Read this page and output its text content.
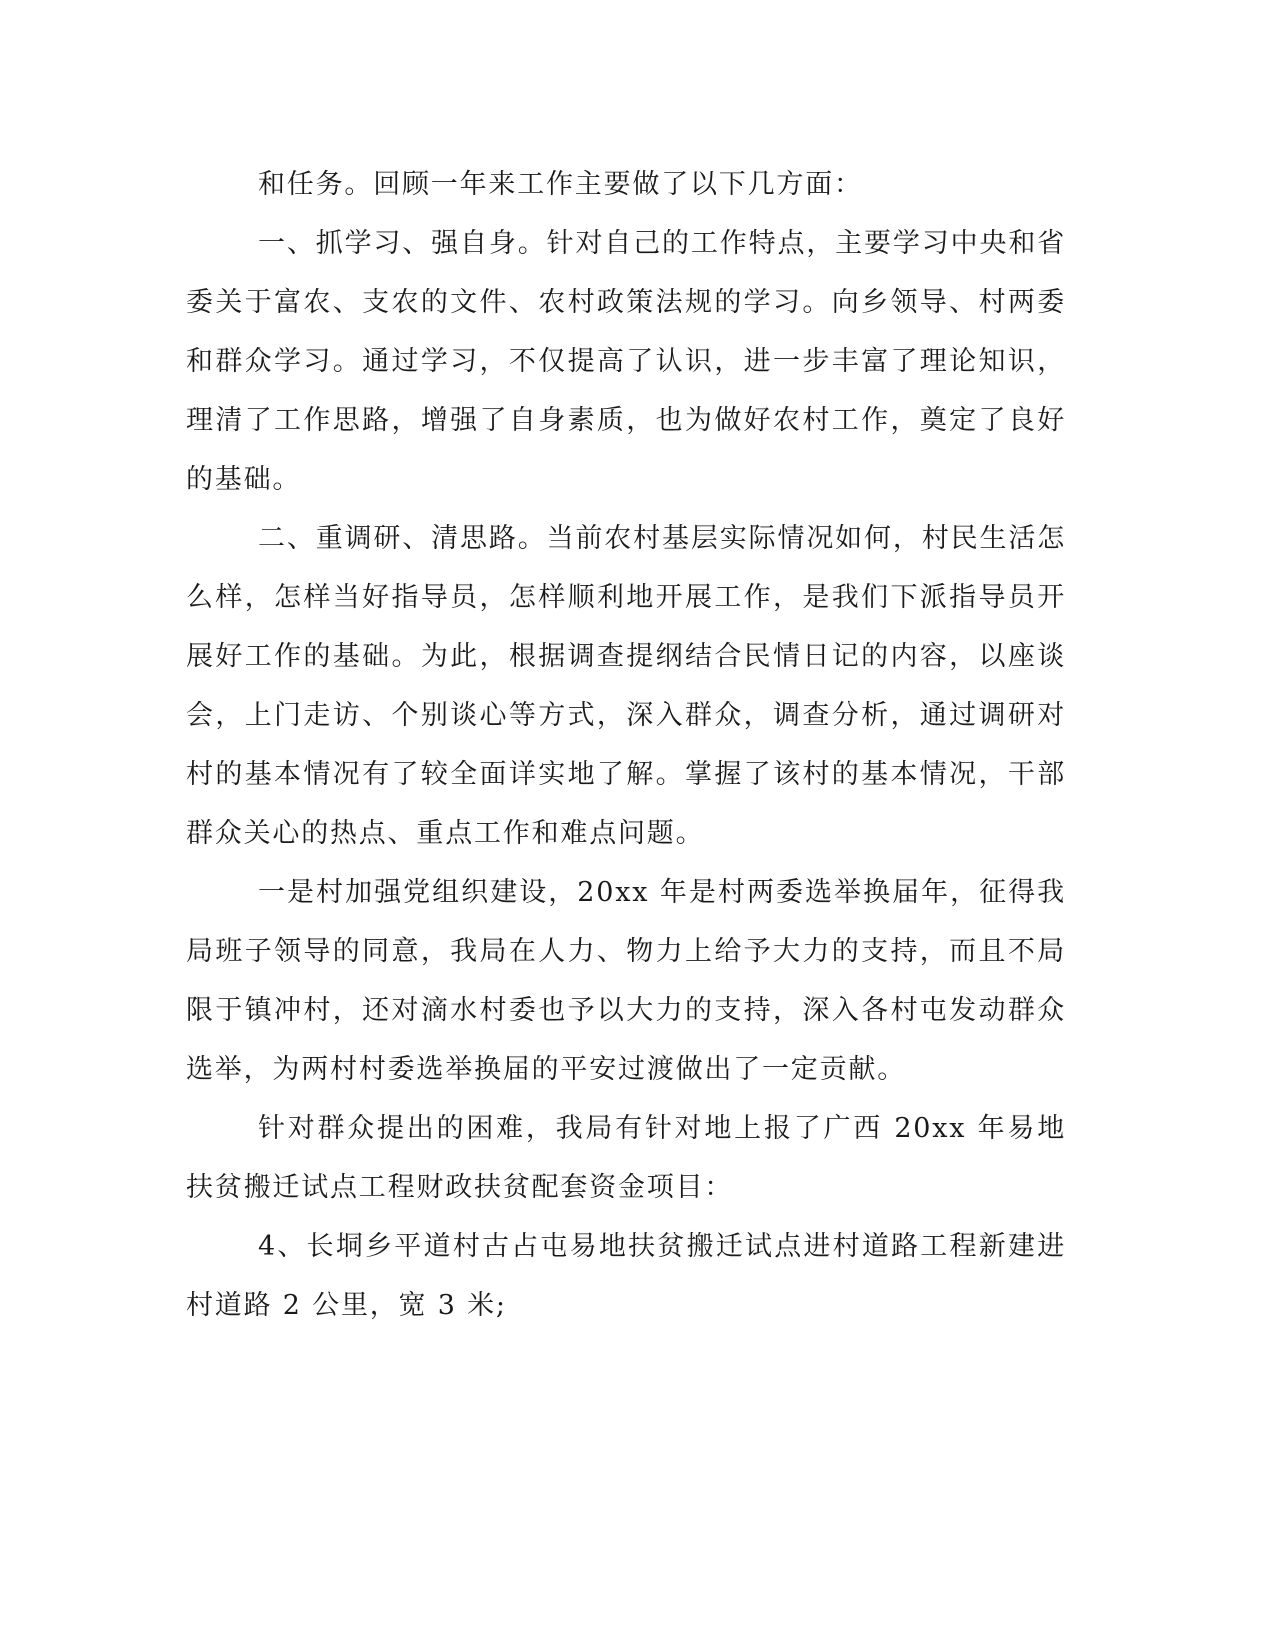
和任务。回顾一年来工作主要做了以下几方面：

一、抓学习、强自身。针对自己的工作特点，主要学习中央和省委关于富农、支农的文件、农村政策法规的学习。向乡领导、村两委和群众学习。通过学习，不仅提高了认识，进一步丰富了理论知识，理清了工作思路，增强了自身素质，也为做好农村工作，奠定了良好的基础。

二、重调研、清思路。当前农村基层实际情况如何，村民生活怎么样，怎样当好指导员，怎样顺利地开展工作，是我们下派指导员开展好工作的基础。为此，根据调查提纲结合民情日记的内容，以座谈会，上门走访、个别谈心等方式，深入群众，调查分析，通过调研对村的基本情况有了较全面详实地了解。掌握了该村的基本情况，干部群众关心的热点、重点工作和难点问题。

一是村加强党组织建设，20xx 年是村两委选举换届年，征得我局班子领导的同意，我局在人力、物力上给予大力的支持，而且不局限于镇冲村，还对滴水村委也予以大力的支持，深入各村屯发动群众选举，为两村村委选举换届的平安过渡做出了一定贡献。

针对群众提出的困难，我局有针对地上报了广西 20xx 年易地扶贫搬迁试点工程财政扶贫配套资金项目：

4、长垌乡平道村古占屯易地扶贫搬迁试点进村道路工程新建进村道路 2 公里，宽 3 米;
